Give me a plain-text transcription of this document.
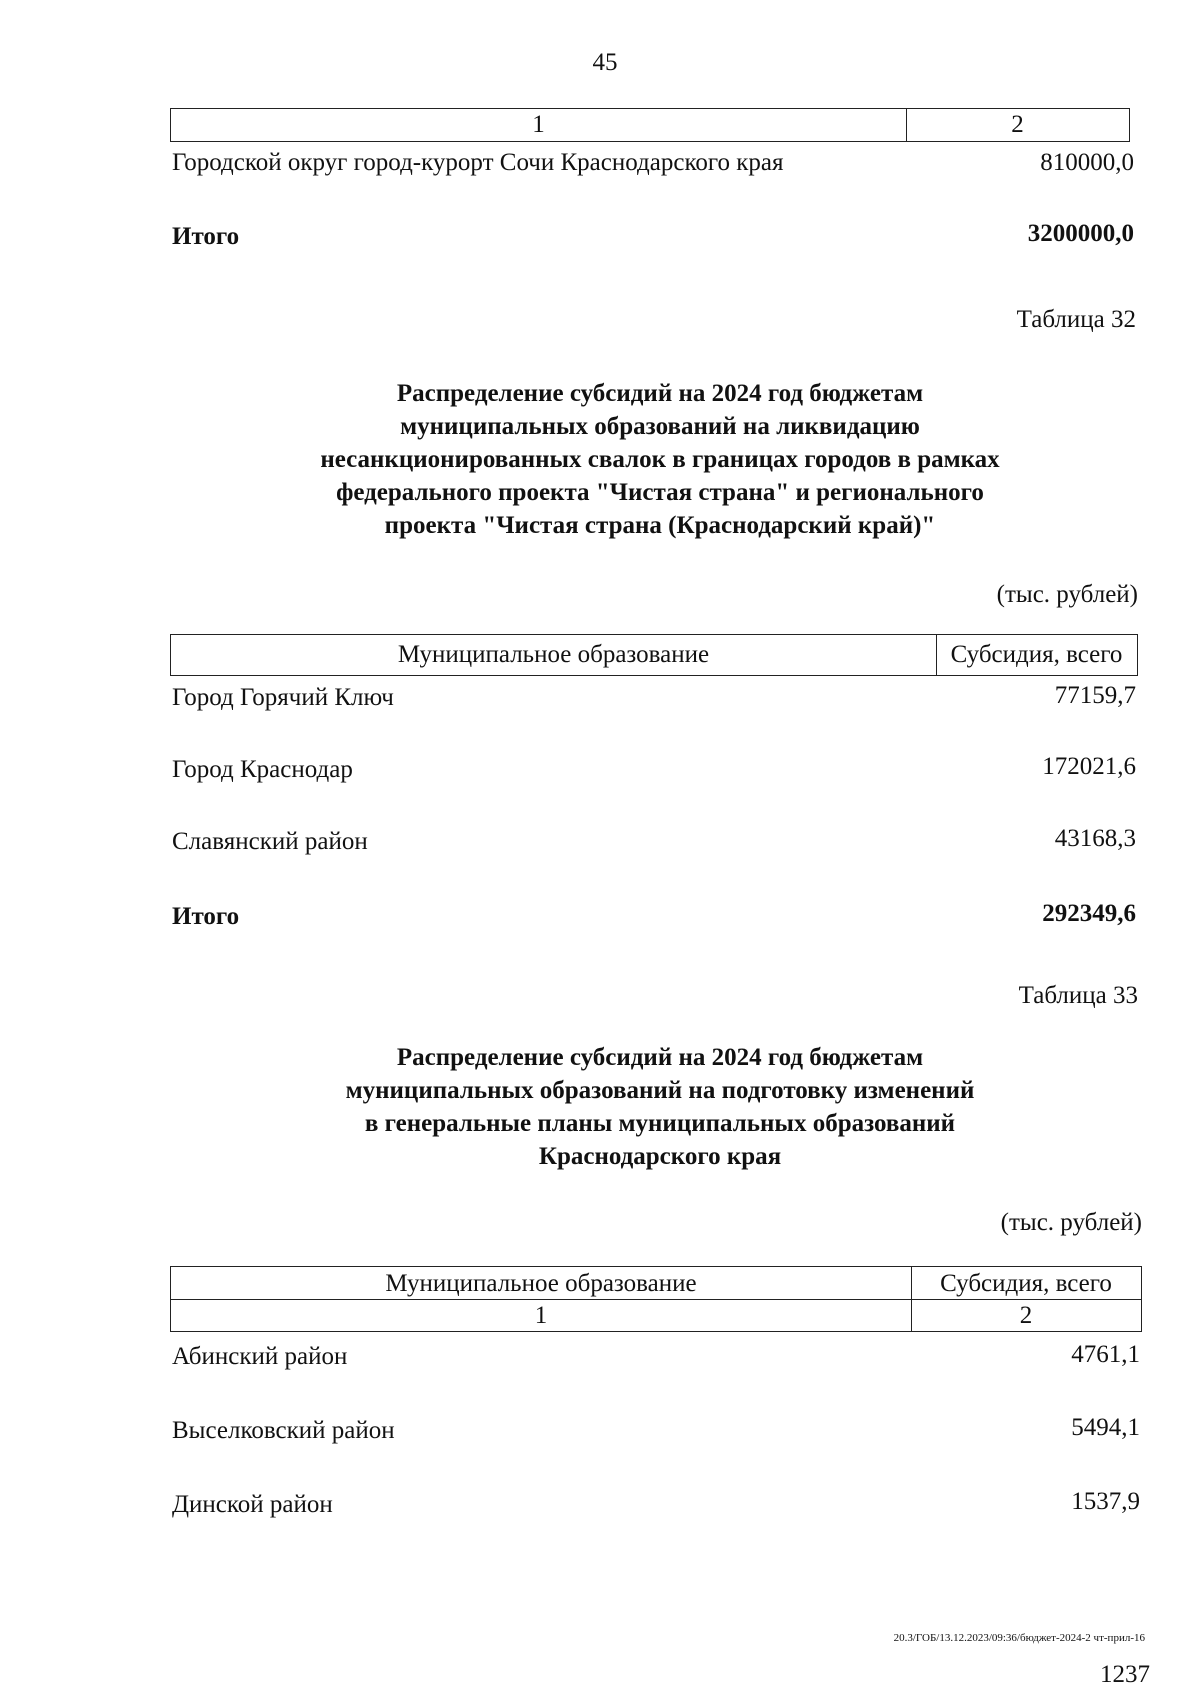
45
1	2
Городской округ город-курорт Сочи Краснодарского края	810000,0
Итого	3200000,0
Таблица 32
Распределение субсидий на 2024 год бюджетам
муниципальных образований на ликвидацию
несанкционированных свалок в границах городов в рамках
федерального проекта "Чистая страна" и регионального
проекта "Чистая страна (Краснодарский край)"
(тыс. рублей)
Муниципальное образование	Субсидия, всего
Город Горячий Ключ	77159,7
Город Краснодар	172021,6
Славянский район	43168,3
Итого	292349,6
Таблица 33
Распределение субсидий на 2024 год бюджетам
муниципальных образований на подготовку изменений
в генеральные планы муниципальных образований
Краснодарского края
(тыс. рублей)
Муниципальное образование	Субсидия, всего
1	2
Абинский район	4761,1
Выселковский район	5494,1
Динской район	1537,9
20.3/ГОБ/13.12.2023/09:36/бюджет-2024-2 чт-прил-16
1237
